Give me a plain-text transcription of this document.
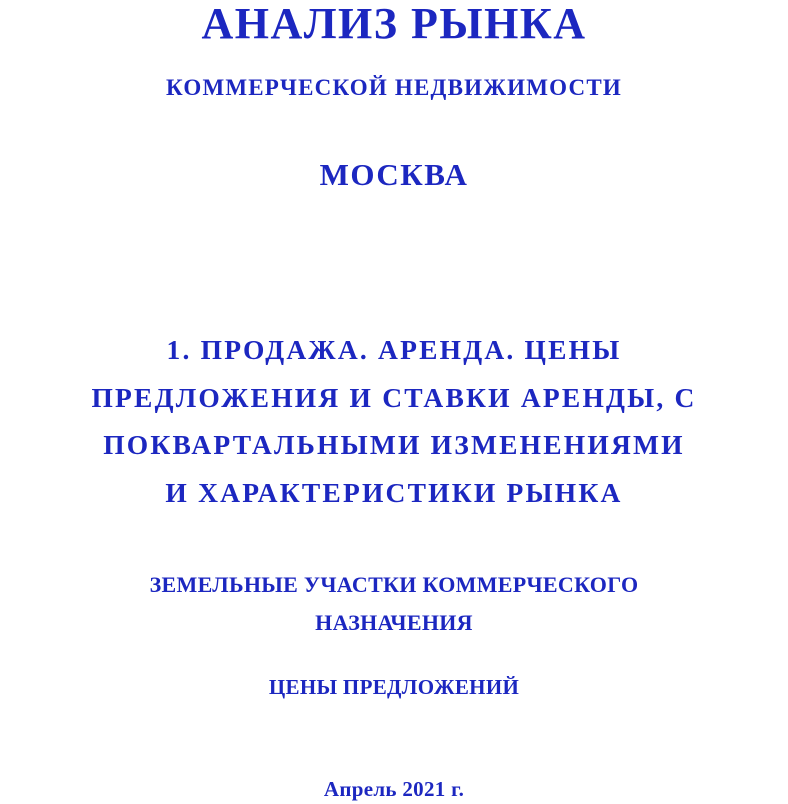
АНАЛИЗ РЫНКА
КОММЕРЧЕСКОЙ НЕДВИЖИМОСТИ
МОСКВА
1. ПРОДАЖА. АРЕНДА. ЦЕНЫ
ПРЕДЛОЖЕНИЯ И СТАВКИ АРЕНДЫ, С
ПОКВАРТАЛЬНЫМИ ИЗМЕНЕНИЯМИ
И ХАРАКТЕРИСТИКИ РЫНКА
ЗЕМЕЛЬНЫЕ УЧАСТКИ КОММЕРЧЕСКОГО
НАЗНАЧЕНИЯ
ЦЕНЫ ПРЕДЛОЖЕНИЙ
Апрель 2021 г.
